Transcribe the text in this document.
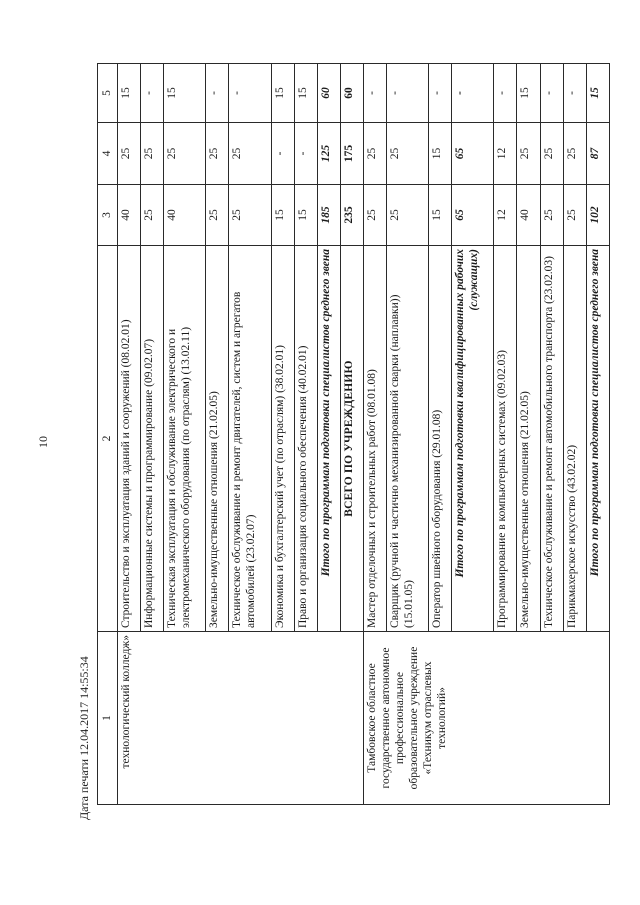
10
1	2	3	4	5
технологический колледж»	Строительство и эксплуатация зданий и сооружений (08.02.01)	40	25	15
	Информационные системы и программирование (09.02.07)	25	25	-
	Техническая эксплуатация и обслуживание электрического и электромеханического оборудования (по отраслям) (13.02.11)	40	25	15
	Земельно-имущественные отношения (21.02.05)	25	25	-
	Техническое обслуживание и ремонт двигателей, систем и агрегатов автомобилей (23.02.07)	25	25	-
	Экономика и бухгалтерский учет (по отраслям) (38.02.01)	15	-	15
	Право и организация социального обеспечения (40.02.01)	15	-	15
	Итого по программам подготовки специалистов среднего звена	185	125	60
	ВСЕГО ПО УЧРЕЖДЕНИЮ	235	175	60
Тамбовское областное государственное автономное профессиональное образовательное учреждение «Техникум отраслевых технологий»	Мастер отделочных и строительных работ (08.01.08)	25	25	-
	Сварщик (ручной и частично механизированной сварки (наплавки)) (15.01.05)	25	25	-
	Оператор швейного оборудования (29.01.08)	15	15	-
	Итого по программам подготовки квалифицированных рабочих (служащих)	65	65	-
	Программирование в компьютерных системах (09.02.03)	12	12	-
	Земельно-имущественные отношения (21.02.05)	40	25	15
	Техническое обслуживание и ремонт автомобильного транспорта (23.02.03)	25	25	-
	Парикмахерское искусство (43.02.02)	25	25	-
	Итого по программам подготовки специалистов среднего звена	102	87	15
Дата печати 12.04.2017 14:55:34
